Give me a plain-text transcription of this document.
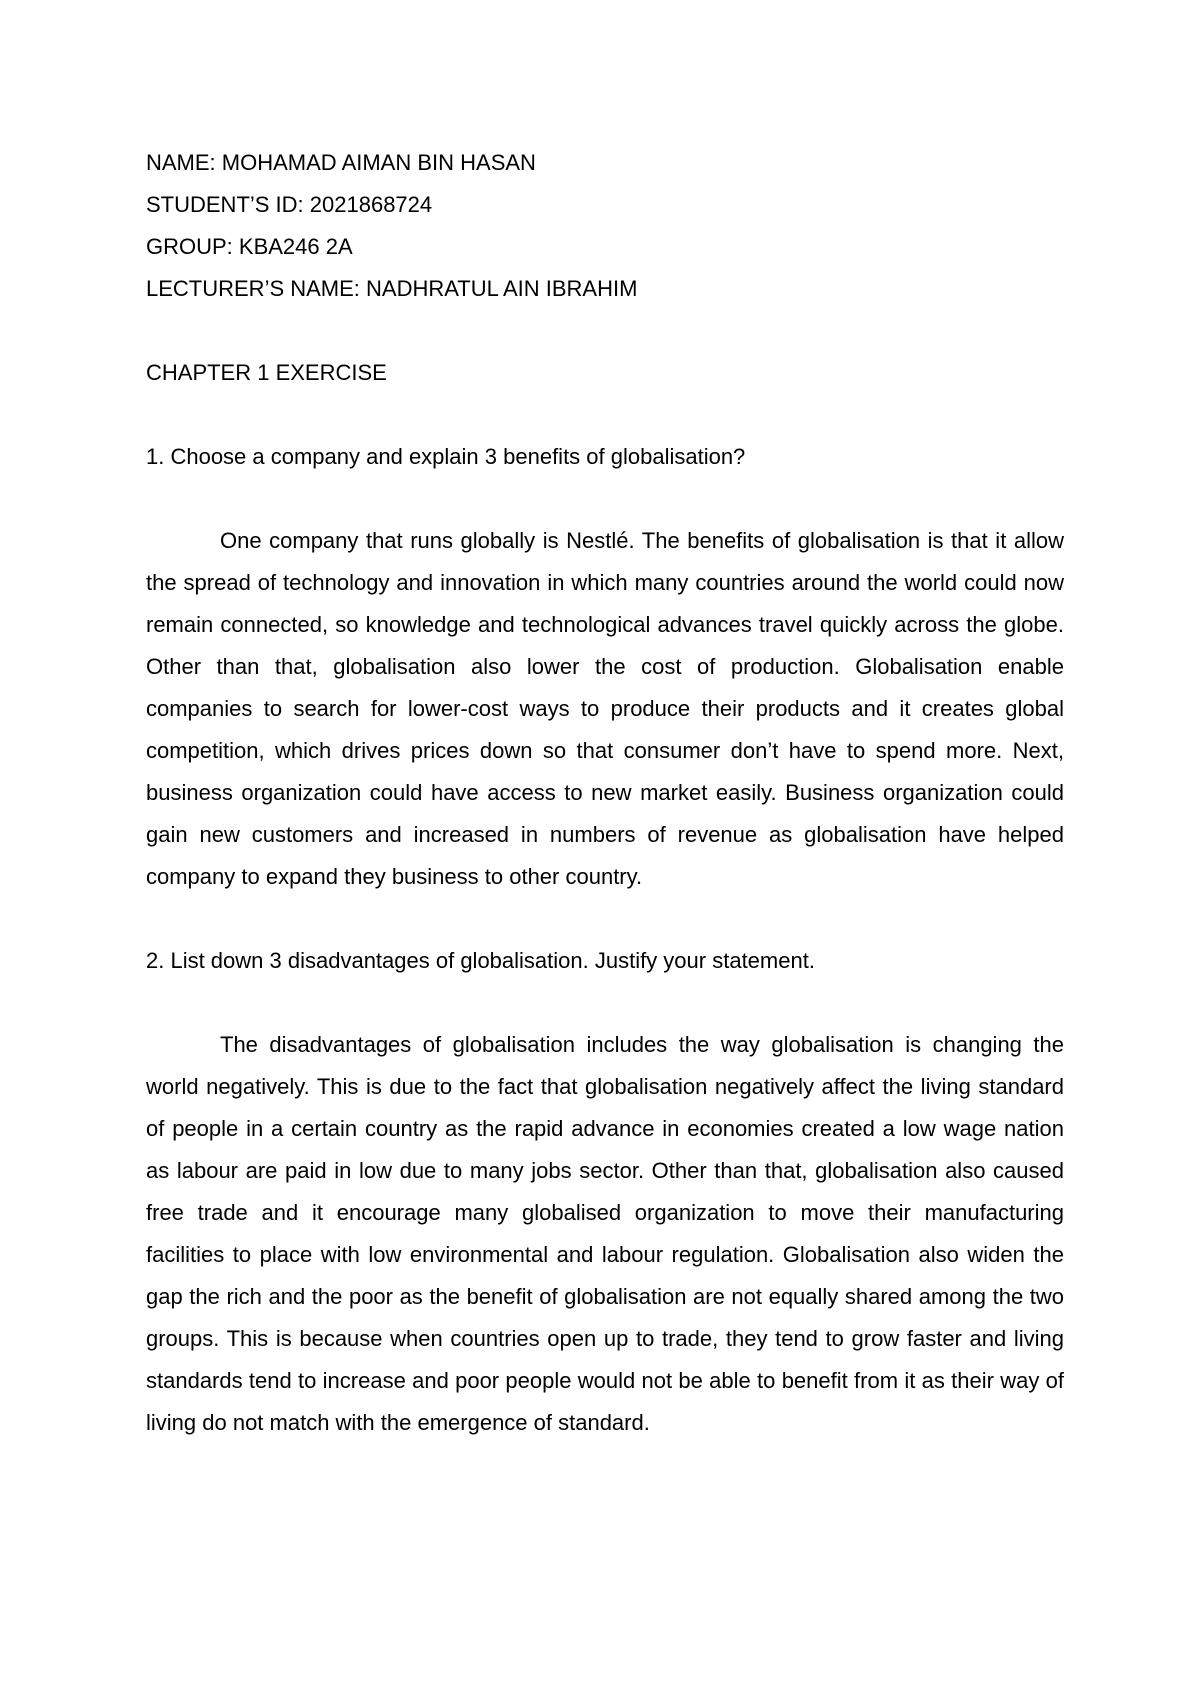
NAME: MOHAMAD AIMAN BIN HASAN

STUDENT’S ID: 2021868724

GROUP: KBA246 2A

LECTURER’S NAME: NADHRATUL AIN IBRAHIM

CHAPTER 1 EXERCISE

1. Choose a company and explain 3 benefits of globalisation?

One company that runs globally is Nestlé. The benefits of globalisation is that it allow the spread of technology and innovation in which many countries around the world could now remain connected, so knowledge and technological advances travel quickly across the globe. Other than that, globalisation also lower the cost of production. Globalisation enable companies to search for lower-cost ways to produce their products and it creates global competition, which drives prices down so that consumer don’t have to spend more. Next, business organization could have access to new market easily. Business organization could gain new customers and increased in numbers of revenue as globalisation have helped company to expand they business to other country.

2. List down 3 disadvantages of globalisation. Justify your statement.

The disadvantages of globalisation includes the way globalisation is changing the world negatively. This is due to the fact that globalisation negatively affect the living standard of people in a certain country as the rapid advance in economies created a low wage nation as labour are paid in low due to many jobs sector. Other than that, globalisation also caused free trade and it encourage many globalised organization to move their manufacturing facilities to place with low environmental and labour regulation. Globalisation also widen the gap the rich and the poor as the benefit of globalisation are not equally shared among the two groups. This is because when countries open up to trade, they tend to grow faster and living standards tend to increase and poor people would not be able to benefit from it as their way of living do not match with the emergence of standard.
